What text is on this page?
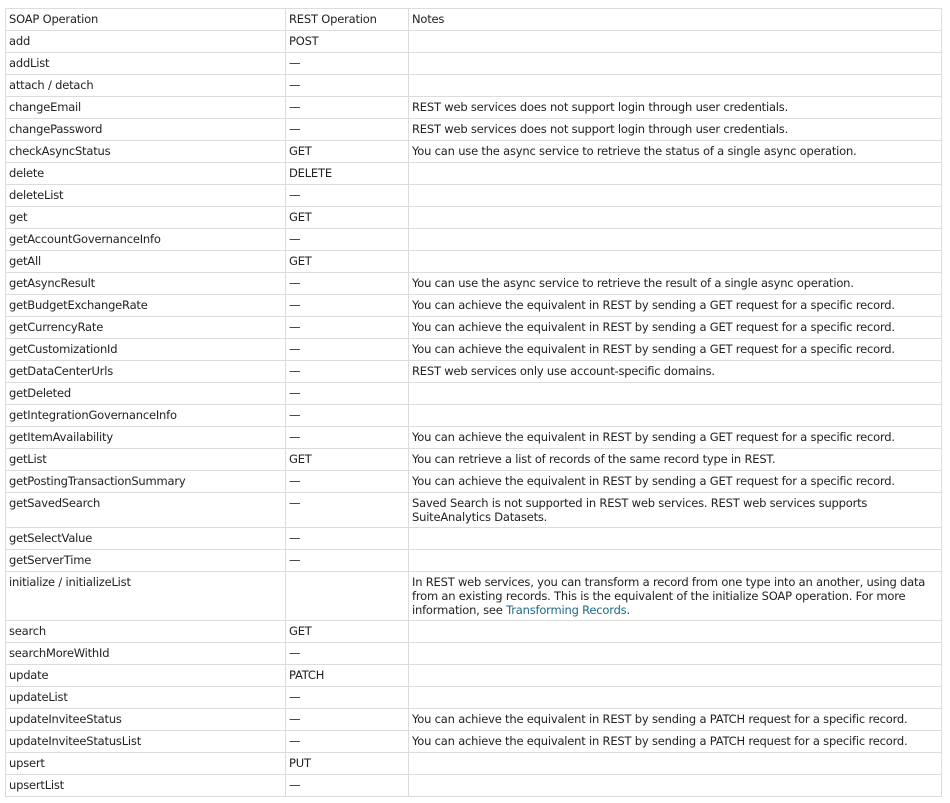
SOAP Operation	REST Operation	Notes
add	POST	
addList	—	
attach / detach	—	
changeEmail	—	REST web services does not support login through user credentials.
changePassword	—	REST web services does not support login through user credentials.
checkAsyncStatus	GET	You can use the async service to retrieve the status of a single async operation.
delete	DELETE	
deleteList	—	
get	GET	
getAccountGovernanceInfo	—	
getAll	GET	
getAsyncResult	—	You can use the async service to retrieve the result of a single async operation.
getBudgetExchangeRate	—	You can achieve the equivalent in REST by sending a GET request for a specific record.
getCurrencyRate	—	You can achieve the equivalent in REST by sending a GET request for a specific record.
getCustomizationId	—	You can achieve the equivalent in REST by sending a GET request for a specific record.
getDataCenterUrls	—	REST web services only use account-specific domains.
getDeleted	—	
getIntegrationGovernanceInfo	—	
getItemAvailability	—	You can achieve the equivalent in REST by sending a GET request for a specific record.
getList	GET	You can retrieve a list of records of the same record type in REST.
getPostingTransactionSummary	—	You can achieve the equivalent in REST by sending a GET request for a specific record.
getSavedSearch	—	Saved Search is not supported in REST web services. REST web services supports SuiteAnalytics Datasets.
getSelectValue	—	
getServerTime	—	
initialize / initializeList		In REST web services, you can transform a record from one type into an another, using data from an existing records. This is the equivalent of the initialize SOAP operation. For more information, see Transforming Records.
search	GET	
searchMoreWithId	—	
update	PATCH	
updateList	—	
updateInviteeStatus	—	You can achieve the equivalent in REST by sending a PATCH request for a specific record.
updateInviteeStatusList	—	You can achieve the equivalent in REST by sending a PATCH request for a specific record.
upsert	PUT	
upsertList	—	
